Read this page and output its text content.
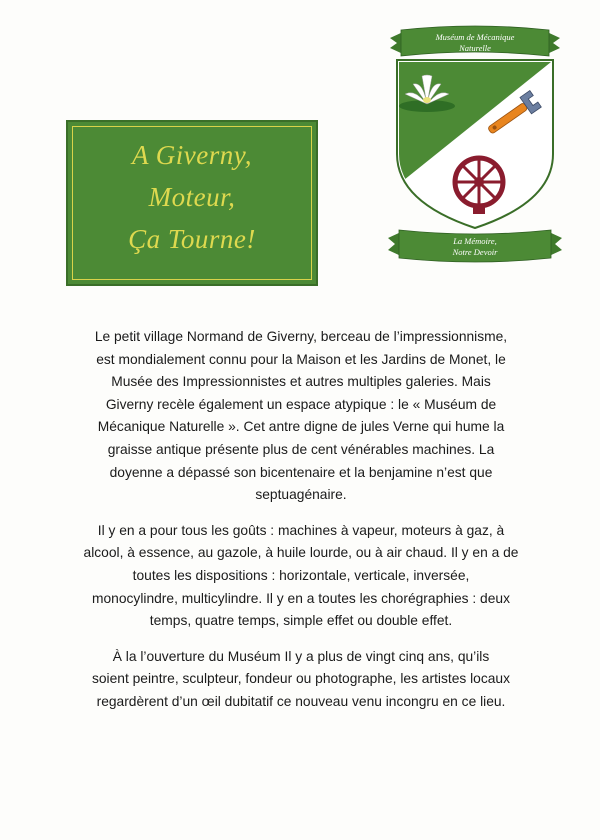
A Giverny,
Moteur,
Ça Tourne!
Muséum de Mécanique
Naturelle
La Mémoire,
Notre Devoir

Le petit village Normand de Giverny, berceau de l’impressionnisme,
est mondialement connu pour la Maison et les Jardins de Monet, le
Musée des Impressionnistes et autres multiples galeries. Mais
Giverny recèle également un espace atypique : le « Muséum de
Mécanique Naturelle ». Cet antre digne de jules Verne qui hume la
graisse antique présente plus de cent vénérables machines. La
doyenne a dépassé son bicentenaire et la benjamine n’est que
septuagénaire.

Il y en a pour tous les goûts : machines à vapeur, moteurs à gaz, à
alcool, à essence, au gazole, à huile lourde, ou à air chaud. Il y en a de
toutes les dispositions : horizontale, verticale, inversée,
monocylindre, multicylindre. Il y en a toutes les chorégraphies : deux
temps, quatre temps, simple effet ou double effet.

À la l’ouverture du Muséum Il y a plus de vingt cinq ans, qu’ils
soient peintre, sculpteur, fondeur ou photographe, les artistes locaux
regardèrent d’un œil dubitatif ce nouveau venu incongru en ce lieu.
